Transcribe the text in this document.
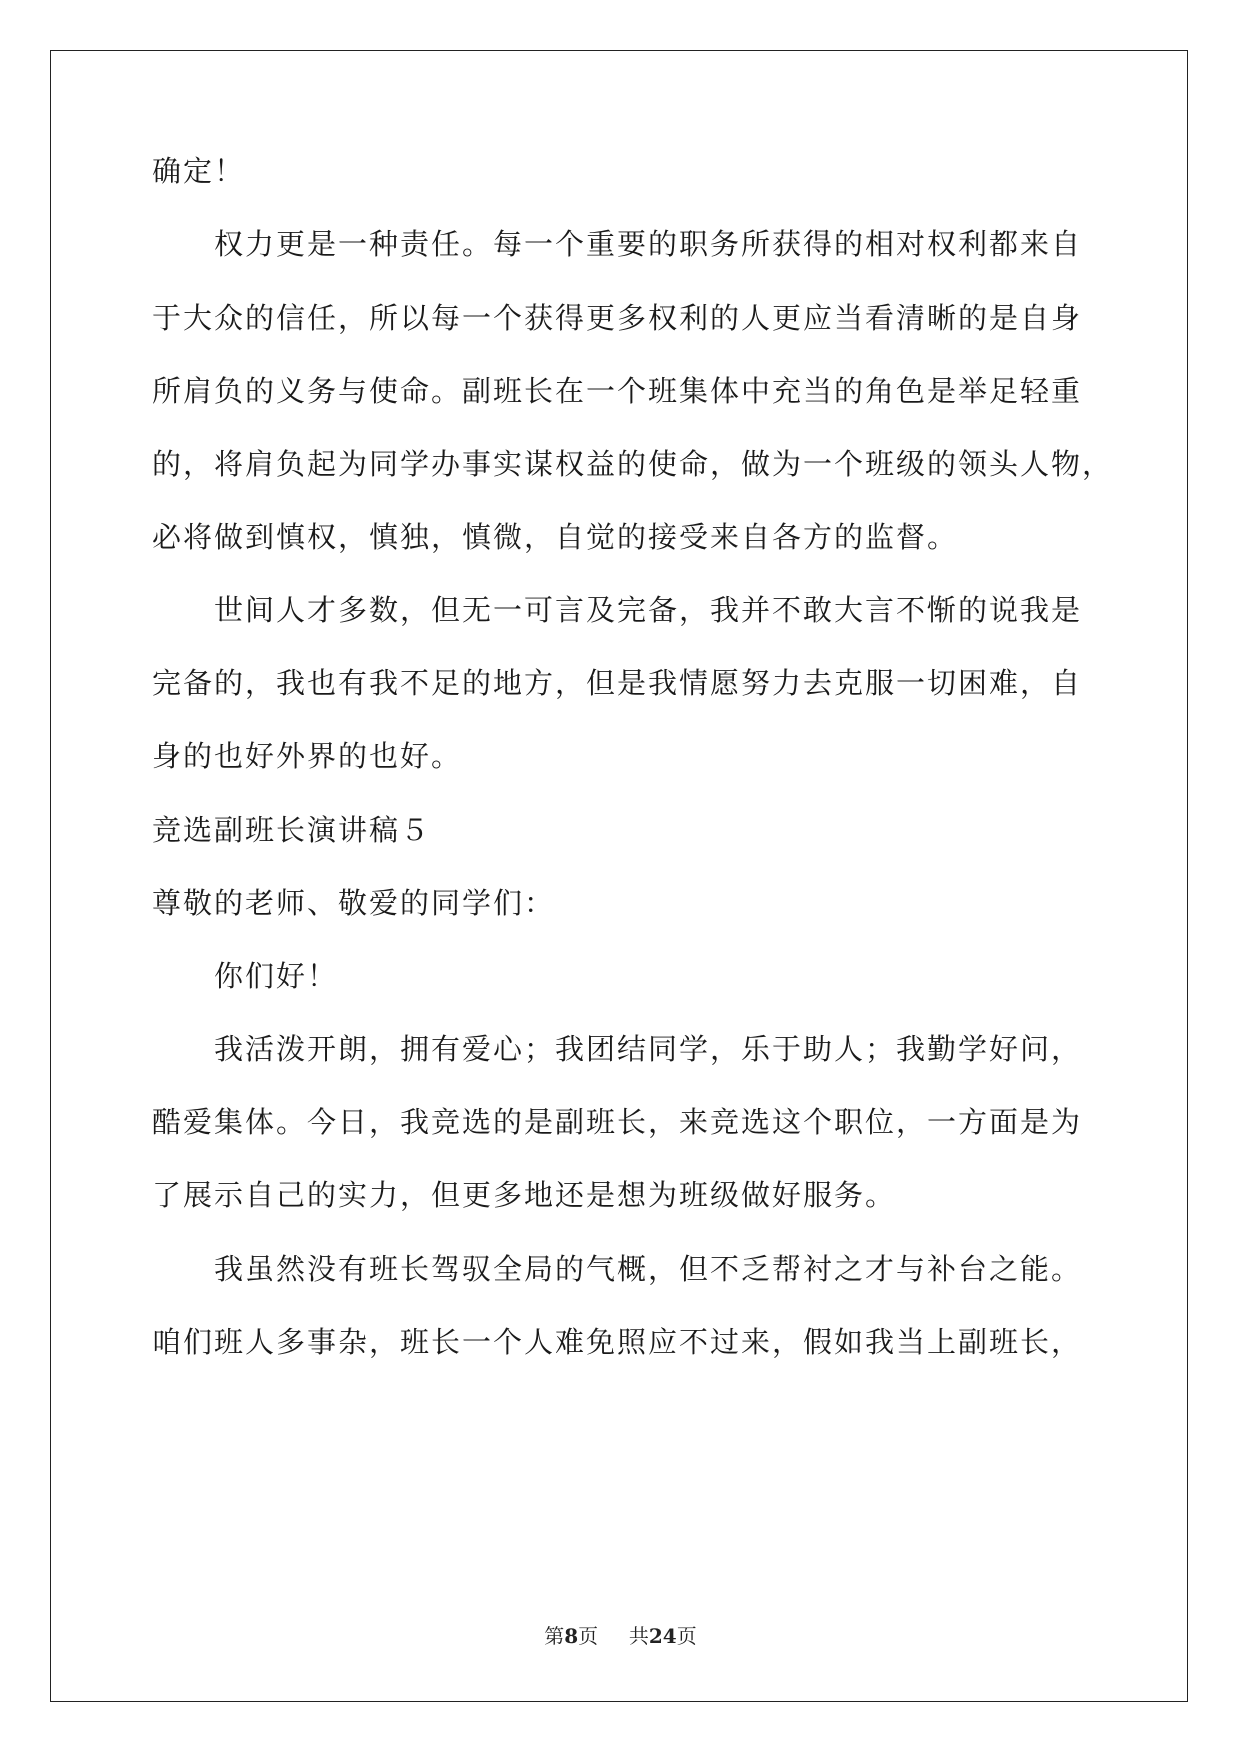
确定！
权力更是一种责任。每一个重要的职务所获得的相对权利都来自
于大众的信任，所以每一个获得更多权利的人更应当看清晰的是自身
所肩负的义务与使命。副班长在一个班集体中充当的角色是举足轻重
的，将肩负起为同学办事实谋权益的使命，做为一个班级的领头人物，
必将做到慎权，慎独，慎微，自觉的接受来自各方的监督。
世间人才多数，但无一可言及完备，我并不敢大言不惭的说我是
完备的，我也有我不足的地方，但是我情愿努力去克服一切困难，自
身的也好外界的也好。
竞选副班长演讲稿５
尊敬的老师、敬爱的同学们：
你们好！
我活泼开朗，拥有爱心；我团结同学，乐于助人；我勤学好问，
酷爱集体。今日，我竞选的是副班长，来竞选这个职位，一方面是为
了展示自己的实力，但更多地还是想为班级做好服务。
我虽然没有班长驾驭全局的气概，但不乏帮衬之才与补台之能。
咱们班人多事杂，班长一个人难免照应不过来，假如我当上副班长，
第8页 共24页
